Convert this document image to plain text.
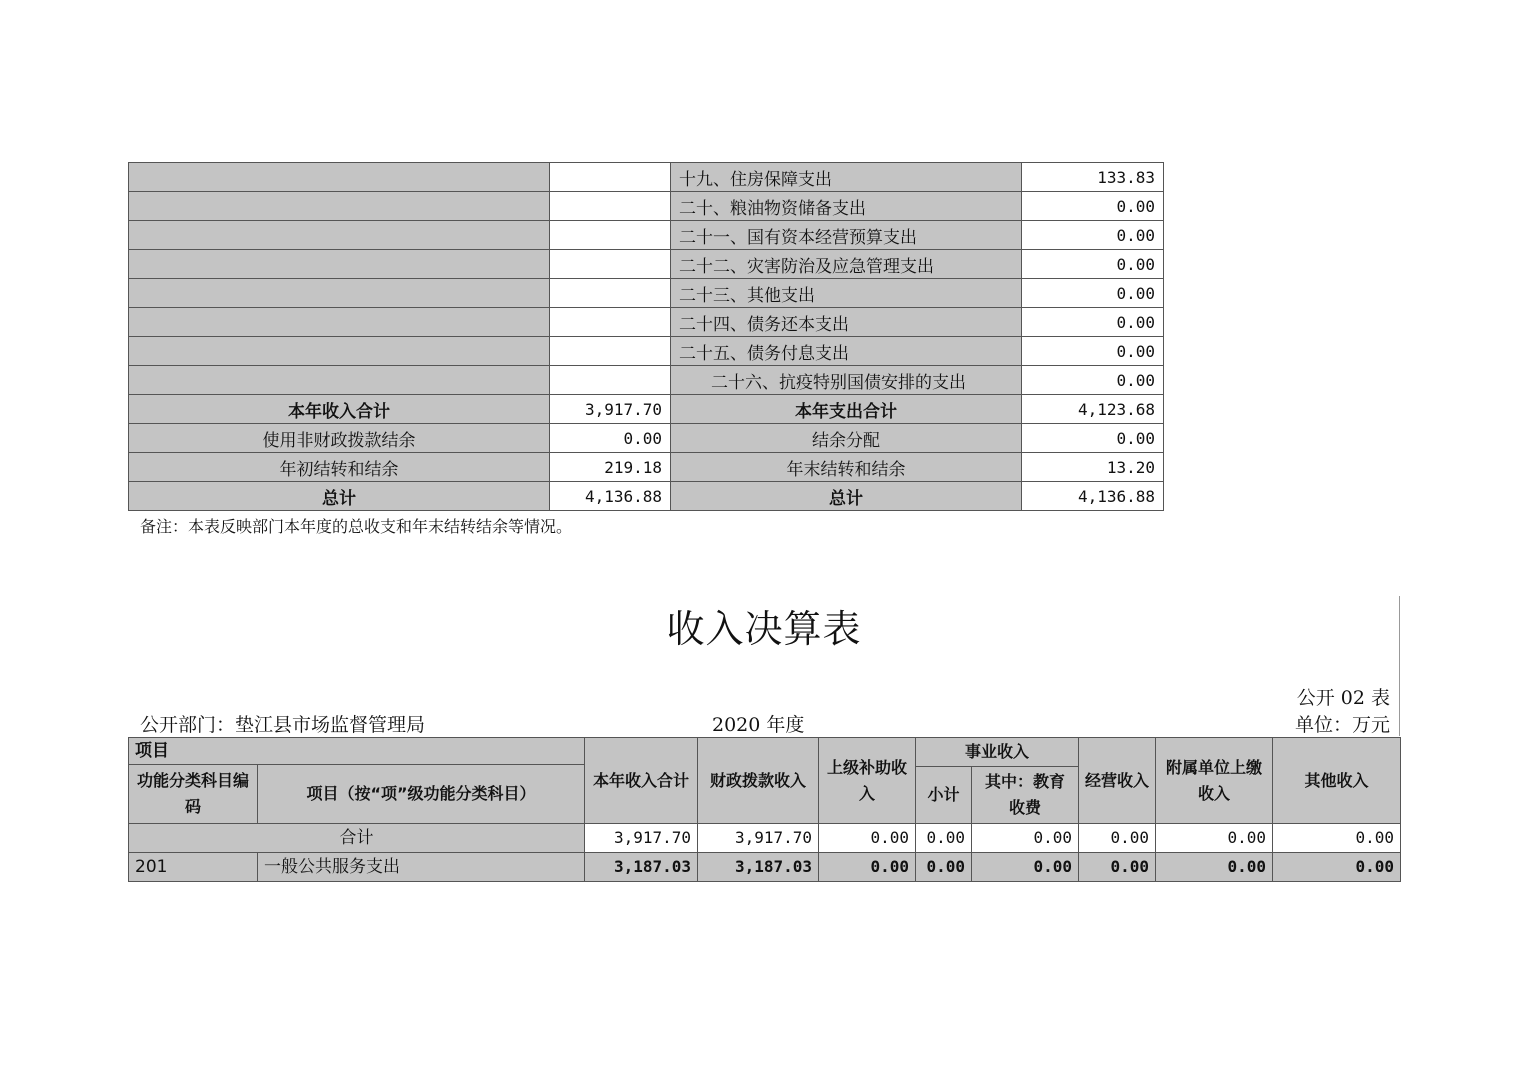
		十九、住房保障支出	133.83
		二十、粮油物资储备支出	0.00
		二十一、国有资本经营预算支出	0.00
		二十二、灾害防治及应急管理支出	0.00
		二十三、其他支出	0.00
		二十四、债务还本支出	0.00
		二十五、债务付息支出	0.00
		二十六、抗疫特别国债安排的支出	0.00
本年收入合计	3,917.70	本年支出合计	4,123.68
使用非财政拨款结余	0.00	结余分配	0.00
年初结转和结余	219.18	年末结转和结余	13.20
总计	4,136.88	总计	4,136.88
备注：本表反映部门本年度的总收支和年末结转结余等情况。
收入决算表
公开 02 表
公开部门：垫江县市场监督管理局	2020 年度	单位：万元
项目		本年收入合计	财政拨款收入	上级补助收入	事业收入		经营收入	附属单位上缴收入	其他收入
功能分类科目编码	项目（按“项”级功能分类科目）								
					小计	其中：教育收费			
合计		3,917.70	3,917.70	0.00	0.00	0.00	0.00	0.00	0.00
201	一般公共服务支出	3,187.03	3,187.03	0.00	0.00	0.00	0.00	0.00	0.00
